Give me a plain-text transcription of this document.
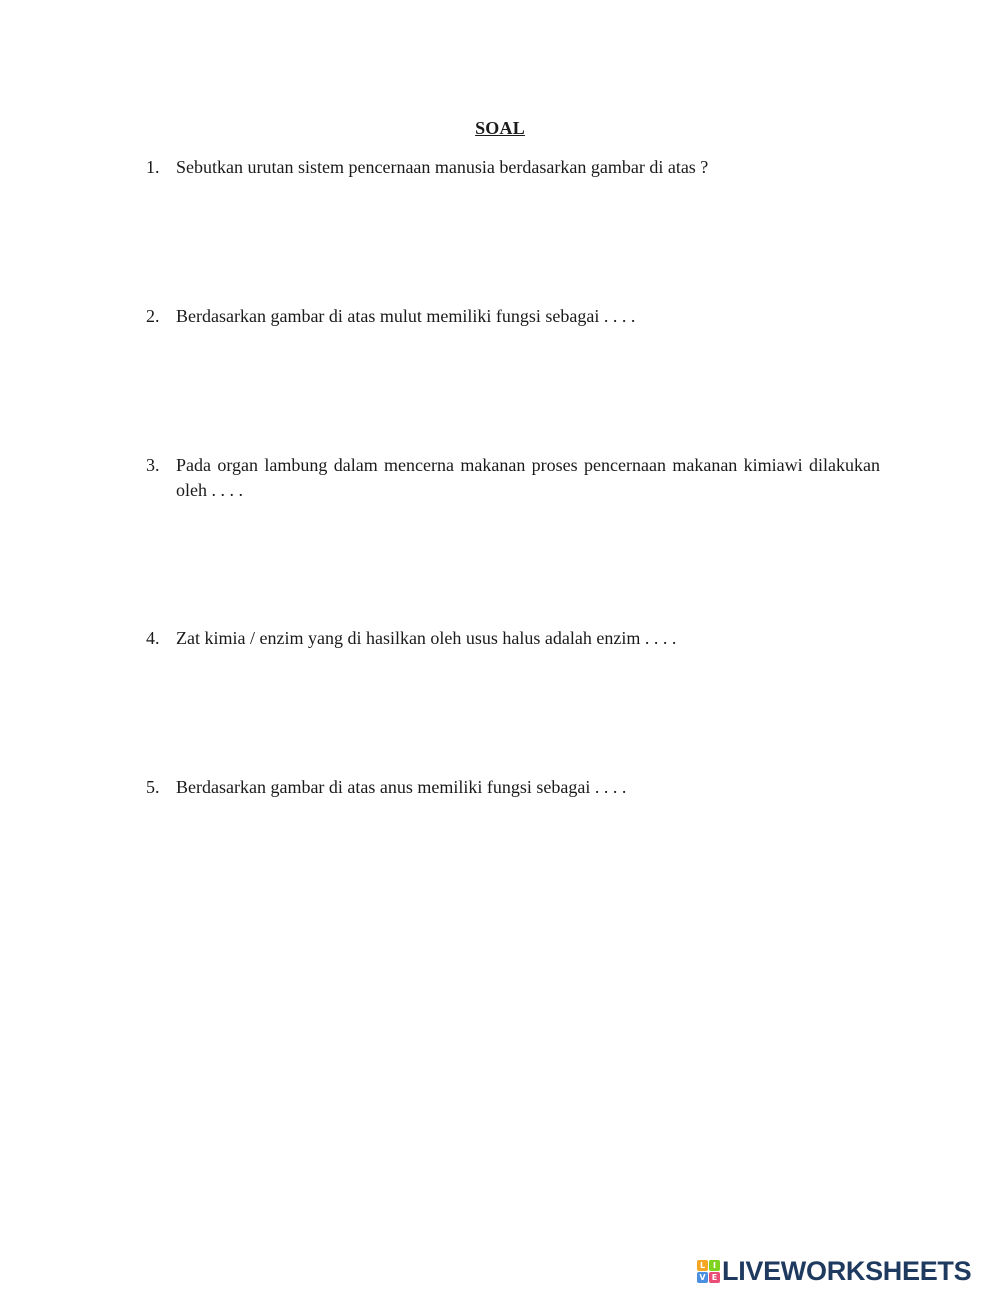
SOAL
1. Sebutkan urutan sistem pencernaan manusia berdasarkan gambar di atas ?
2. Berdasarkan gambar di atas mulut memiliki fungsi sebagai . . . .
3. Pada organ lambung dalam mencerna makanan proses pencernaan makanan kimiawi dilakukan oleh . . . .
4. Zat kimia / enzim yang di hasilkan oleh usus halus adalah enzim . . . .
5. Berdasarkan gambar di atas anus memiliki fungsi sebagai . . . .
L I
V E LIVEWORKSHEETS
